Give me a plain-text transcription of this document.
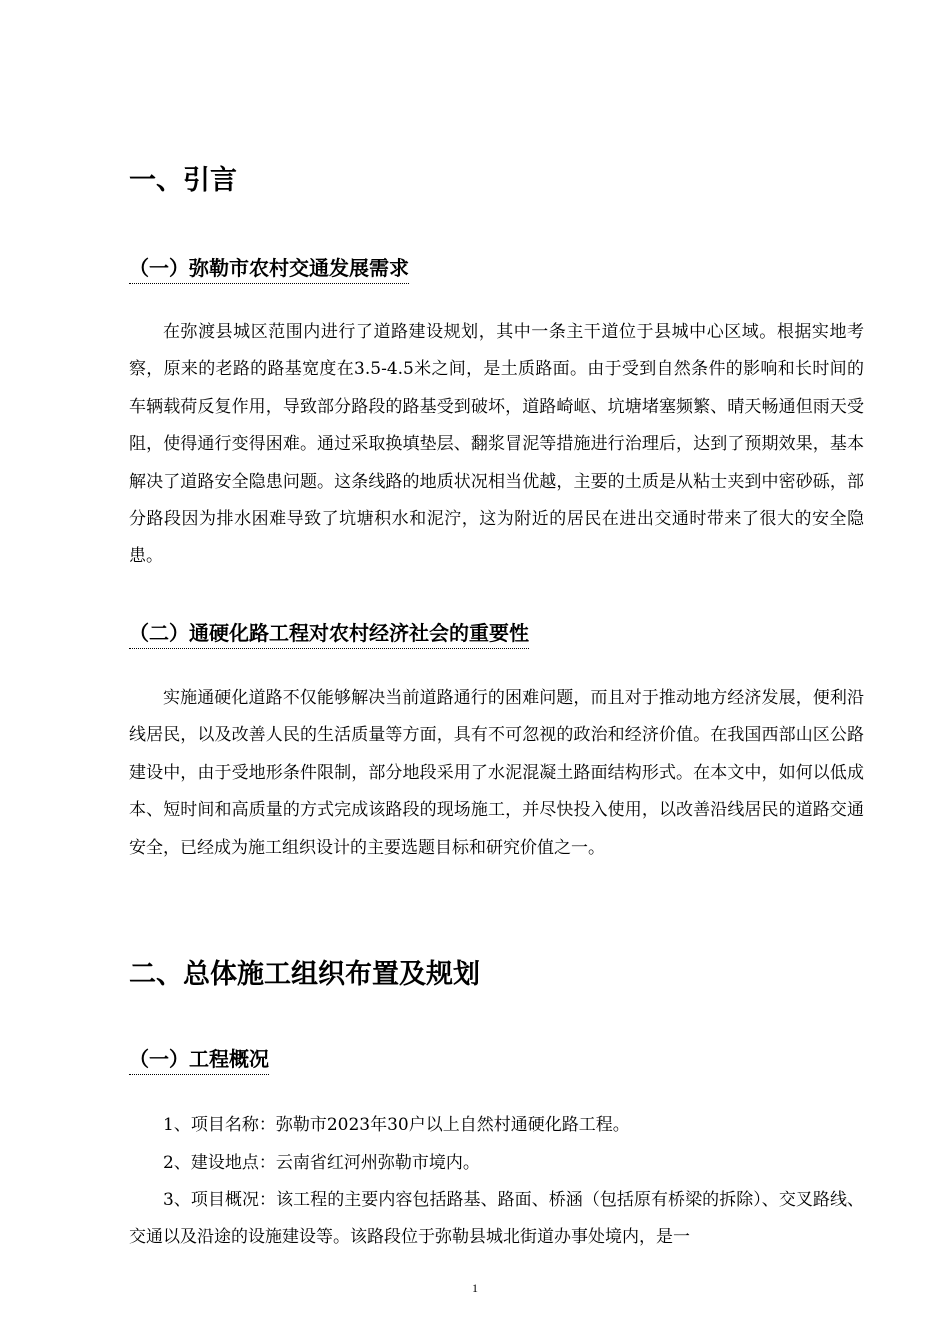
一、引言
（一）弥勒市农村交通发展需求

在弥渡县城区范围内进行了道路建设规划，其中一条主干道位于县城中心区域。根据实地考察，原来的老路的路基宽度在3.5-4.5米之间，是土质路面。由于受到自然条件的影响和长时间的车辆载荷反复作用，导致部分路段的路基受到破坏，道路崎岖、坑塘堵塞频繁、晴天畅通但雨天受阻，使得通行变得困难。通过采取换填垫层、翻浆冒泥等措施进行治理后，达到了预期效果，基本解决了道路安全隐患问题。这条线路的地质状况相当优越，主要的土质是从粘士夹到中密砂砾，部分路段因为排水困难导致了坑塘积水和泥泞，这为附近的居民在进出交通时带来了很大的安全隐患。

（二）通硬化路工程对农村经济社会的重要性

实施通硬化道路不仅能够解决当前道路通行的困难问题，而且对于推动地方经济发展，便利沿线居民，以及改善人民的生活质量等方面，具有不可忽视的政治和经济价值。在我国西部山区公路建设中，由于受地形条件限制，部分地段采用了水泥混凝土路面结构形式。在本文中，如何以低成本、短时间和高质量的方式完成该路段的现场施工，并尽快投入使用，以改善沿线居民的道路交通安全，已经成为施工组织设计的主要选题目标和研究价值之一。

二、总体施工组织布置及规划
（一）工程概况

1、项目名称：弥勒市2023年30户以上自然村通硬化路工程。

2、建设地点：云南省红河州弥勒市境内。

3、项目概况：该工程的主要内容包括路基、路面、桥涵（包括原有桥梁的拆除）、交叉路线、交通以及沿途的设施建设等。该路段位于弥勒县城北街道办事处境内，是一

1
